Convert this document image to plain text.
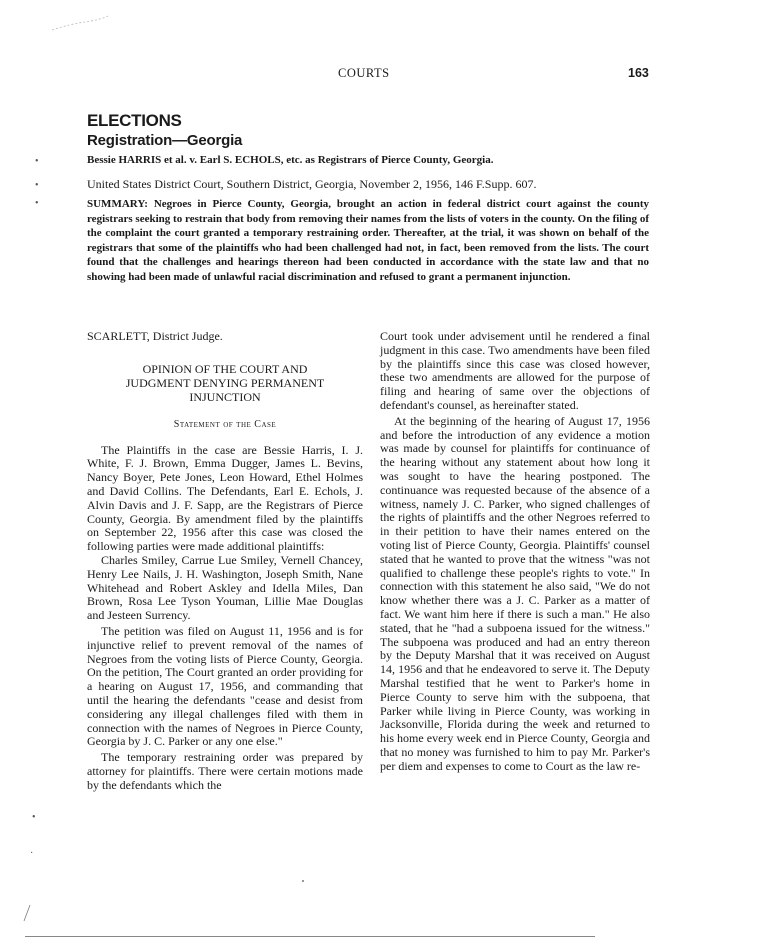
COURTS	163
ELECTIONS
Registration—Georgia
•	Bessie HARRIS et al. v. Earl S. ECHOLS, etc. as Registrars of Pierce County, Georgia.
•	United States District Court, Southern District, Georgia, November 2, 1956, 146 F.Supp. 607.
•	SUMMARY: Negroes in Pierce County, Georgia, brought an action in federal district court against the county registrars seeking to restrain that body from removing their names from the lists of voters in the county. On the filing of the complaint the court granted a temporary restraining order. Thereafter, at the trial, it was shown on behalf of the registrars that some of the plaintiffs who had been challenged had not, in fact, been removed from the lists. The court found that the challenges and hearings thereon had been conducted in accordance with the state law and that no showing had been made of unlawful racial discrimination and refused to grant a permanent injunction.

SCARLETT, District Judge.

OPINION OF THE COURT AND JUDGMENT DENYING PERMANENT INJUNCTION
Statement of the Case

The Plaintiffs in the case are Bessie Harris, I. J. White, F. J. Brown, Emma Dugger, James L. Bevins, Nancy Boyer, Pete Jones, Leon Howard, Ethel Holmes and David Collins. The Defendants, Earl E. Echols, J. Alvin Davis and J. F. Sapp, are the Registrars of Pierce County, Georgia. By amendment filed by the plaintiffs on September 22, 1956 after this case was closed the following parties were made additional plaintiffs:

Charles Smiley, Carrue Lue Smiley, Vernell Chancey, Henry Lee Nails, J. H. Washington, Joseph Smith, Nane Whitehead and Robert Askley and Idella Miles, Dan Brown, Rosa Lee Tyson Youman, Lillie Mae Douglas and Jesteen Surrency.

The petition was filed on August 11, 1956 and is for injunctive relief to prevent removal of the names of Negroes from the voting lists of Pierce County, Georgia. On the petition, The Court granted an order providing for a hearing on August 17, 1956, and commanding that until the hearing the defendants "cease and desist from considering any illegal challenges filed with them in connection with the names of Negroes in Pierce County, Georgia by J. C. Parker or any one else."

The temporary restraining order was prepared by attorney for plaintiffs. There were certain motions made by the defendants which the

•
·

Court took under advisement until he rendered a final judgment in this case. Two amendments have been filed by the plaintiffs since this case was closed however, these two amendments are allowed for the purpose of filing and hearing of same over the objections of defendant's counsel, as hereinafter stated.

At the beginning of the hearing of August 17, 1956 and before the introduction of any evidence a motion was made by counsel for plaintiffs for continuance of the hearing without any statement about how long it was sought to have the hearing postponed. The continuance was requested because of the absence of a witness, namely J. C. Parker, who signed challenges of the rights of plaintiffs and the other Negroes referred to in their petition to have their names entered on the voting list of Pierce County, Georgia. Plaintiffs' counsel stated that he wanted to prove that the witness "was not qualified to challenge these people's rights to vote." In connection with this statement he also said, "We do not know whether there was a J. C. Parker as a matter of fact. We want him here if there is such a man." He also stated, that he "had a subpoena issued for the witness." The subpoena was produced and had an entry thereon by the Deputy Marshal that it was received on August 14, 1956 and that he endeavored to serve it. The Deputy Marshal testified that he went to Parker's home in Pierce County to serve him with the subpoena, that Parker while living in Pierce County, was working in Jacksonville, Florida during the week and returned to his home every week end in Pierce County, Georgia and that no money was furnished to him to pay Mr. Parker's per diem and expenses to come to Court as the law re-
